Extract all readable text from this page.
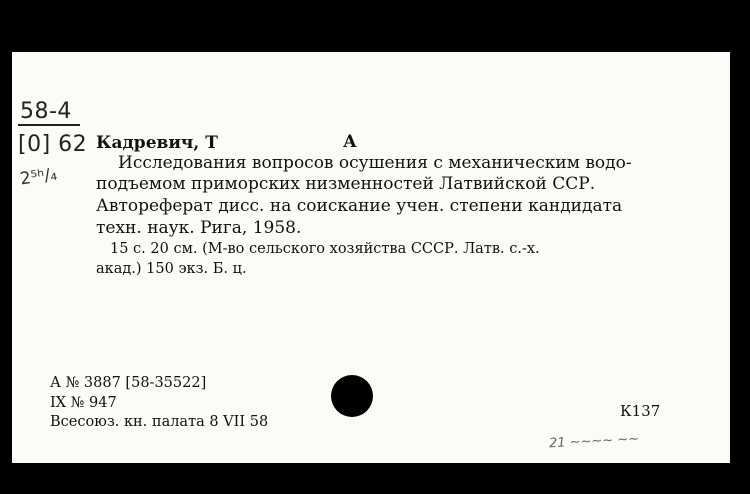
58-4
[0] 62
2⁵ʰ/₄
Кадревич, Т	А
Исследования вопросов осушения с механическим водо-
подъемом приморских низменностей Латвийской ССР.
Автореферат дисс. на соискание учен. степени кандидата
техн. наук. Рига, 1958.
15 с. 20 см. (М-во сельского хозяйства СССР. Латв. с.-х.
акад.) 150 экз. Б. ц.
А № 3887 [58-35522]
IX № 947
Всесоюз. кн. палата 8 VII 58
К137
21 ~~~~ ~~
